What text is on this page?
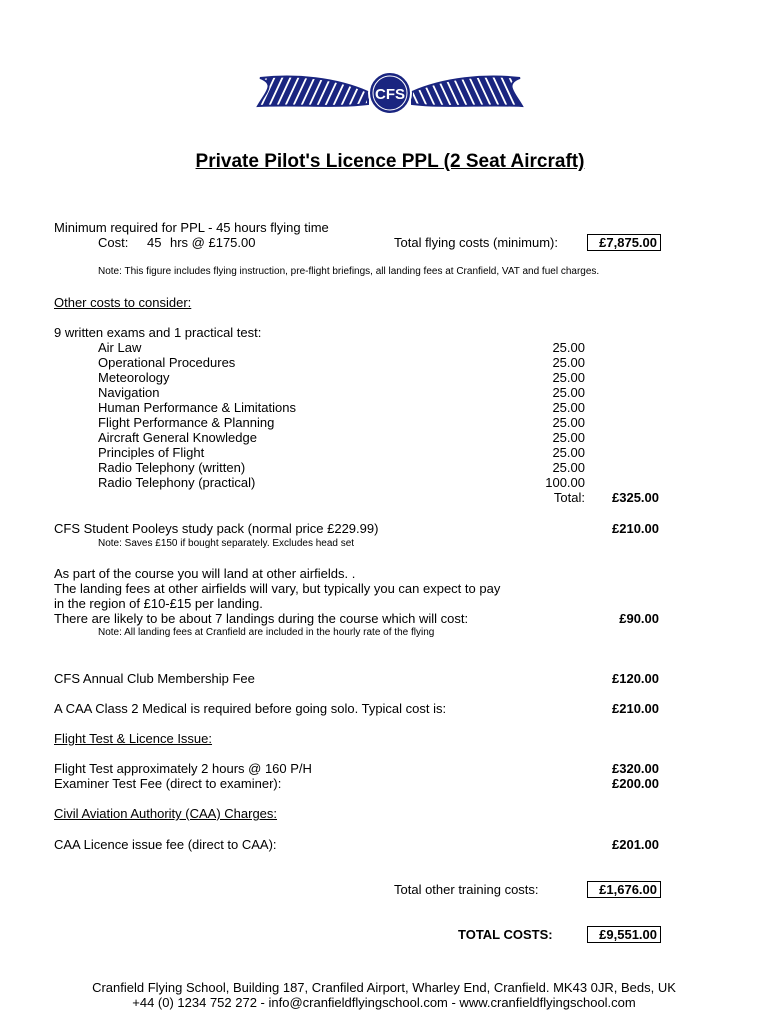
CFS
Private Pilot's Licence PPL (2 Seat Aircraft)
Minimum required for PPL - 45 hours flying time
Cost: 45 hrs @ £175.00	Total flying costs (minimum):	£7,875.00
Note: This figure includes flying instruction, pre-flight briefings, all landing fees at Cranfield, VAT and fuel charges.
Other costs to consider:
9 written exams and 1 practical test:
Air Law	25.00
Operational Procedures	25.00
Meteorology	25.00
Navigation	25.00
Human Performance & Limitations	25.00
Flight Performance & Planning	25.00
Aircraft General Knowledge	25.00
Principles of Flight	25.00
Radio Telephony (written)	25.00
Radio Telephony (practical)	100.00
Total:	£325.00
CFS Student Pooleys study pack (normal price £229.99)	£210.00
Note: Saves £150 if bought separately. Excludes head set
As part of the course you will land at other airfields. .
The landing fees at other airfields will vary, but typically you can expect to pay
in the region of £10-£15 per landing.
There are likely to be about 7 landings during the course which will cost:	£90.00
Note: All landing fees at Cranfield are included in the hourly rate of the flying
CFS Annual Club Membership Fee	£120.00
A CAA Class 2 Medical is required before going solo. Typical cost is:	£210.00
Flight Test & Licence Issue:
Flight Test approximately 2 hours @ 160 P/H	£320.00
Examiner Test Fee (direct to examiner):	£200.00
Civil Aviation Authority (CAA) Charges:
CAA Licence issue fee (direct to CAA):	£201.00
Total other training costs:	£1,676.00
TOTAL COSTS:	£9,551.00
Cranfield Flying School, Building 187, Cranfiled Airport, Wharley End, Cranfield. MK43 0JR, Beds, UK
+44 (0) 1234 752 272 - info@cranfieldflyingschool.com - www.cranfieldflyingschool.com
